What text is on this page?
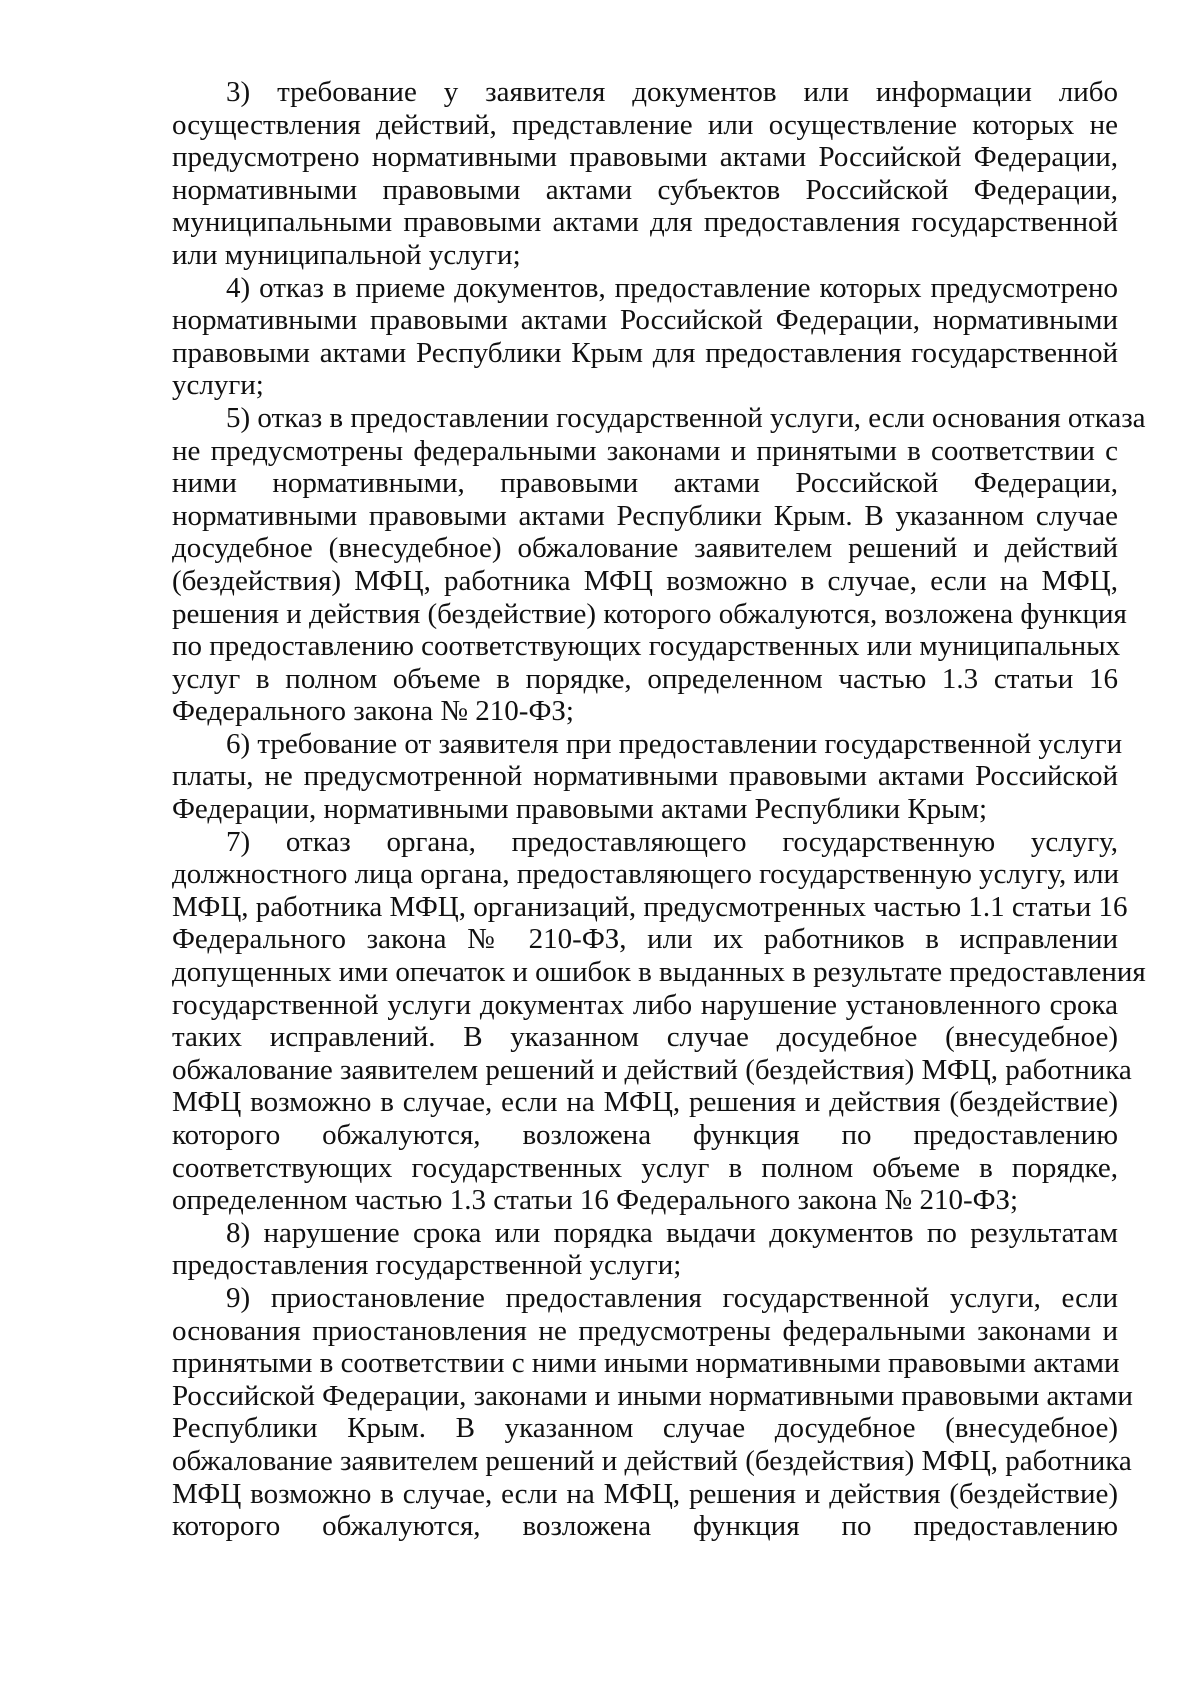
3) требование у заявителя документов или информации либо
осуществления действий, представление или осуществление которых не
предусмотрено нормативными правовыми актами Российской Федерации,
нормативными правовыми актами субъектов Российской Федерации,
муниципальными правовыми актами для предоставления государственной
или муниципальной услуги;
4) отказ в приеме документов, предоставление которых предусмотрено
нормативными правовыми актами Российской Федерации, нормативными
правовыми актами Республики Крым для предоставления государственной
услуги;
5) отказ в предоставлении государственной услуги, если основания отказа
не предусмотрены федеральными законами и принятыми в соответствии с
ними нормативными, правовыми актами Российской Федерации,
нормативными правовыми актами Республики Крым. В указанном случае
досудебное (внесудебное) обжалование заявителем решений и действий
(бездействия) МФЦ, работника МФЦ возможно в случае, если на МФЦ,
решения и действия (бездействие) которого обжалуются, возложена функция
по предоставлению соответствующих государственных или муниципальных
услуг в полном объеме в порядке, определенном частью 1.3 статьи 16
Федерального закона № 210-ФЗ;
6) требование от заявителя при предоставлении государственной услуги
платы, не предусмотренной нормативными правовыми актами Российской
Федерации, нормативными правовыми актами Республики Крым;
7) отказ органа, предоставляющего государственную услугу,
должностного лица органа, предоставляющего государственную услугу, или
МФЦ, работника МФЦ, организаций, предусмотренных частью 1.1 статьи 16
Федерального закона № 210-ФЗ, или их работников в исправлении
допущенных ими опечаток и ошибок в выданных в результате предоставления
государственной услуги документах либо нарушение установленного срока
таких исправлений. В указанном случае досудебное (внесудебное)
обжалование заявителем решений и действий (бездействия) МФЦ, работника
МФЦ возможно в случае, если на МФЦ, решения и действия (бездействие)
которого обжалуются, возложена функция по предоставлению
соответствующих государственных услуг в полном объеме в порядке,
определенном частью 1.3 статьи 16 Федерального закона № 210-ФЗ;
8) нарушение срока или порядка выдачи документов по результатам
предоставления государственной услуги;
9) приостановление предоставления государственной услуги, если
основания приостановления не предусмотрены федеральными законами и
принятыми в соответствии с ними иными нормативными правовыми актами
Российской Федерации, законами и иными нормативными правовыми актами
Республики Крым. В указанном случае досудебное (внесудебное)
обжалование заявителем решений и действий (бездействия) МФЦ, работника
МФЦ возможно в случае, если на МФЦ, решения и действия (бездействие)
которого обжалуются, возложена функция по предоставлению
